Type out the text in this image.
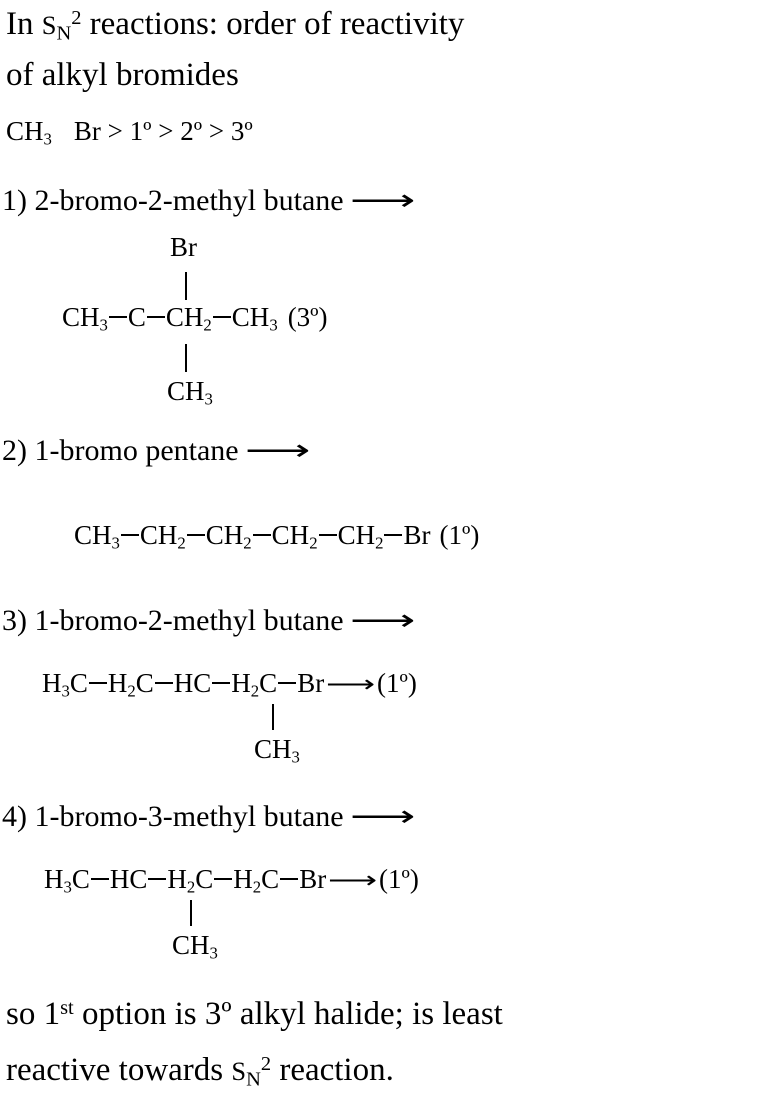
In $S_N^2$ reactions: order of reactivity
of alkyl bromides
$CH_3$ Br > 1º > 2º > 3º
1) 2-bromo-2-methyl butane ⟶
Br
$CH_3$ C $CH_2$ $CH_3$ (3º)
$CH_3$
2) 1-bromo pentane ⟶
$CH_3$ $CH_2$ $CH_2$ $CH_2$ $CH_2$ Br (1º)
3) 1-bromo-2-methyl butane ⟶
$H_3C$ $H_2C$ HC $H_2C$ Br⟶(1º)
$CH_3$
4) 1-bromo-3-methyl butane ⟶
$H_3C$ HC $H_2C$ $H_2C$ Br⟶(1º)
$CH_3$
so 1st option is 3º alkyl halide; is least
reactive towards $S_N^2$ reaction.
